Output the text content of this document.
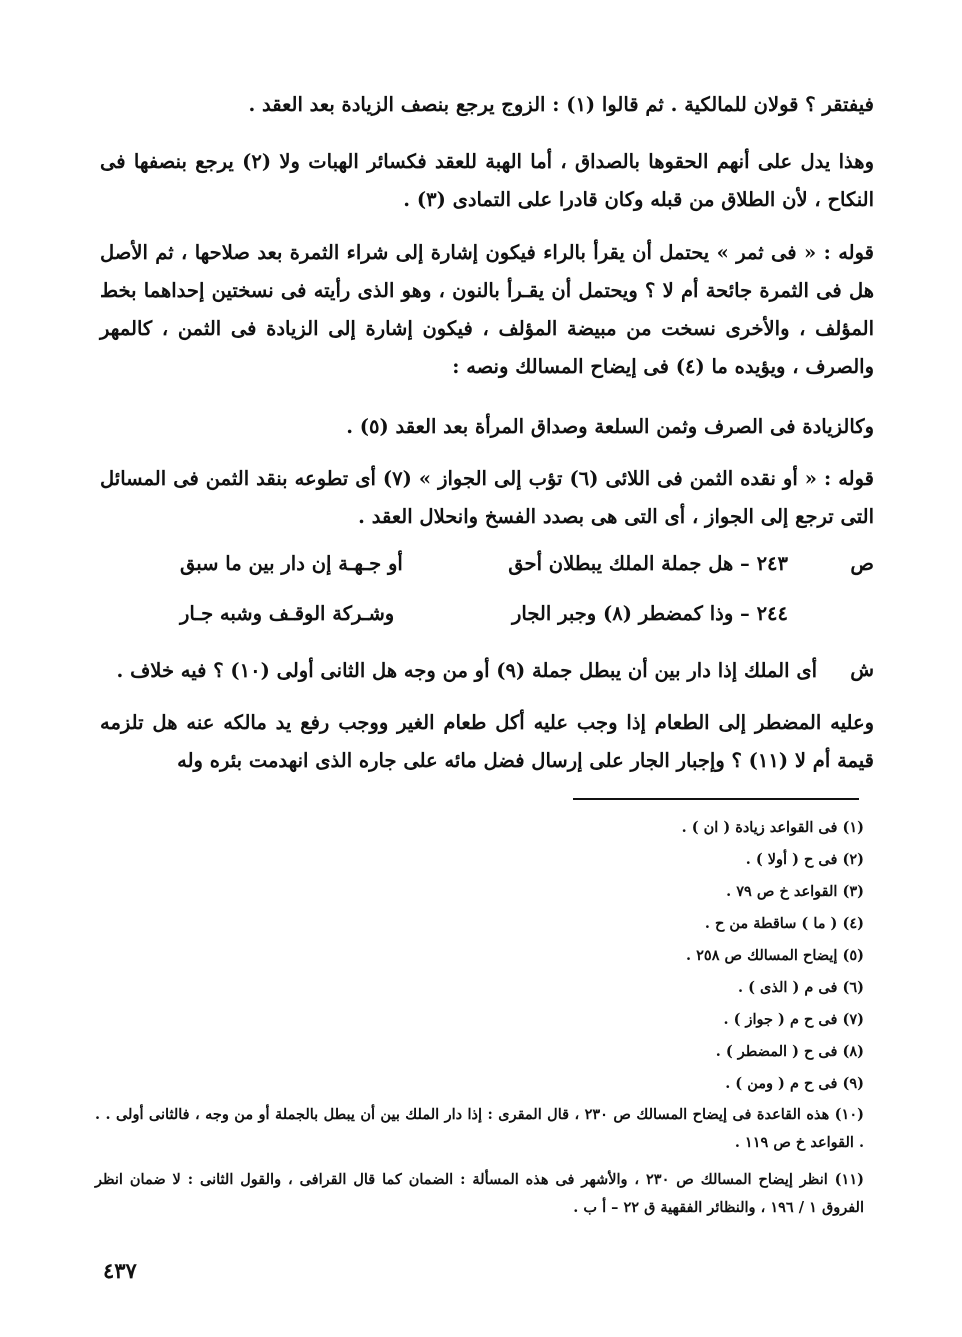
فيفتقر ؟ قولان للمالكية . ثم قالوا (١) : الزوج يرجع بنصف الزيادة بعد العقد .
وهذا يدل على أنهم الحقوها بالصداق ، أما الهبة للعقد فكسائر الهبات ولا (٢) يرجع بنصفها فى النكاح ، لأن الطلاق من قبله وكان قادرا على التمادى (٣) .
قوله : « فى ثمر » يحتمل أن يقرأ بالراء فيكون إشارة إلى شراء الثمرة بعد صلاحها ، ثم الأصل هل فى الثمرة جائحة أم لا ؟ ويحتمل أن يقـرأ بالنون ، وهو الذى رأيته فى نسختين إحداهما بخط المؤلف ، والأخرى نسخت من مبيضة المؤلف ، فيكون إشارة إلى الزيادة فى الثمن ، كالمهر والصرف ، ويؤيده ما (٤) فى إيضاح المسالك ونصه :
وكالزيادة فى الصرف وثمن السلعة وصداق المرأة بعد العقد (٥) .
قوله : « أو نقده الثمن فى اللائى (٦) تؤب إلى الجواز » (٧) أى تطوعه بنقد الثمن فى المسائل التى ترجع إلى الجواز ، أى التى هى بصدد الفسخ وانحلال العقد .
ص
٢٤٣ – هل جملة الملك يبطلان أحق
أو جـهـة إن دار بين ما سبق
٢٤٤ – وذا كمضطر (٨) وجبر الجار
وشـركة الوقـف وشبه جـار
ش
أى الملك إذا دار بين أن يبطل جملة (٩) أو من وجه هل الثانى أولى (١٠) ؟ فيه خلاف .
وعليه المضطر إلى الطعام إذا وجب عليه أكل طعام الغير ووجب رفع يد مالكه عنه هل تلزمه قيمة أم لا (١١) ؟ وإجبار الجار على إرسال فضل مائه على جاره الذى انهدمت بئره وله
(١) فى القواعد زيادة ( ان ) .
(٢) فى ح ( أولا ) .
(٣) القواعد خ ص ٧٩ .
(٤) ( ما ) ساقطة من ح .
(٥) إيضاح المسالك ص ٢٥٨ .
(٦) فى م ( الذى ) .
(٧) فى ح م ( جواز ) .
(٨) فى ح ( المضطر ) .
(٩) فى ح م ( ومن ) .
(١٠) هذه القاعدة فى إيضاح المسالك ص ٢٣٠ ، قال المقرى : إذا دار الملك بين أن يبطل بالجملة أو من وجه ، فالثانى أولى . . . القواعد خ ص ١١٩ .
(١١) انظر إيضاح المسالك ص ٢٣٠ ، والأشهر فى هذه المسألة : الضمان كما قال القرافى ، والقول الثانى : لا ضمان انظر الفروق ١ / ١٩٦ ، والنظائر الفقهية ق ٢٢ – أ ب .
٤٣٧
